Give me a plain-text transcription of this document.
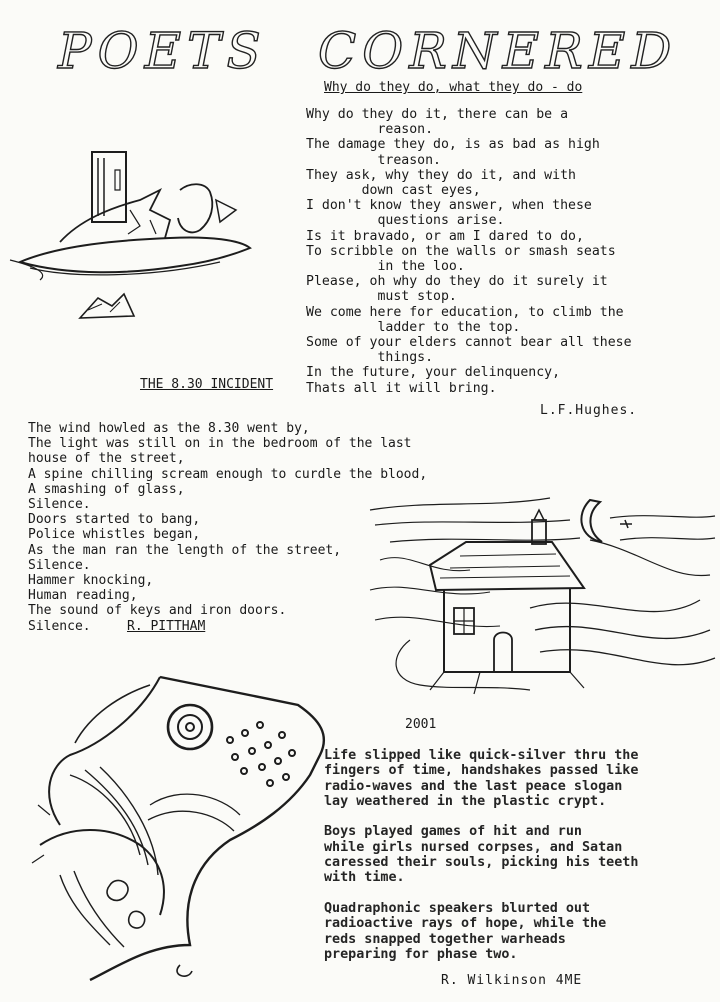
POETS CORNERED
Why do they do, what they do - do
Why do they do it, there can be a
reason.
The damage they do, is as bad as high
treason.
They ask, why they do it, and with
down cast eyes,
I don't know they answer, when these
questions arise.
Is it bravado, or am I dared to do,
To scribble on the walls or smash seats
in the loo.
Please, oh why do they do it surely it
must stop.
We come here for education, to climb the
ladder to the top.
Some of your elders cannot bear all these
things.
In the future, your delinquency,
Thats all it will bring.
L.F.Hughes.
THE 8.30 INCIDENT
The wind howled as the 8.30 went by,
The light was still on in the bedroom of the last
house of the street,
A spine chilling scream enough to curdle the blood,
A smashing of glass,
Silence.
Doors started to bang,
Police whistles began,
As the man ran the length of the street,
Silence.
Hammer knocking,
Human reading,
The sound of keys and iron doors.
Silence.	R. PITTHAM
2001
Life slipped like quick-silver thru the
fingers of time, handshakes passed like
radio-waves and the last peace slogan
lay weathered in the plastic crypt.

Boys played games of hit and run
while girls nursed corpses, and Satan
caressed their souls, picking his teeth
with time.

Quadraphonic speakers blurted out
radioactive rays of hope, while the
reds snapped together warheads
preparing for phase two.
R. Wilkinson 4ME
